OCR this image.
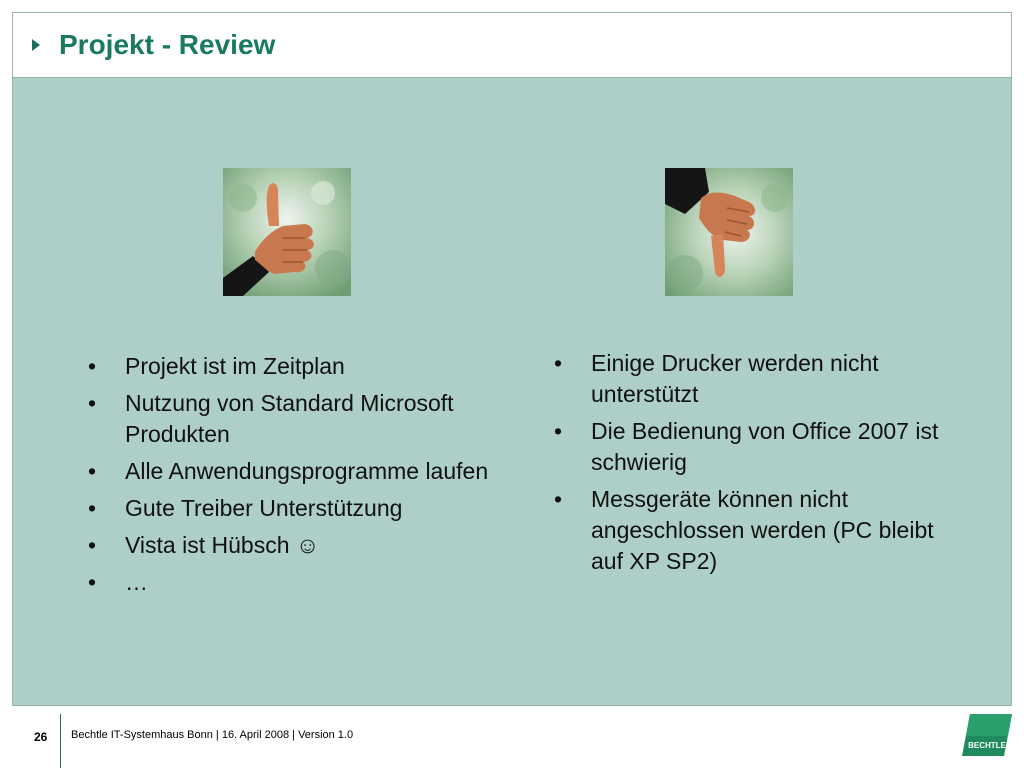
Projekt - Review
•	Projekt ist im Zeitplan
•	Nutzung von Standard Microsoft Produkten
•	Alle Anwendungsprogramme laufen
•	Gute Treiber Unterstützung
•	Vista ist Hübsch ☺
•	…
•	Einige Drucker werden nicht unterstützt
•	Die Bedienung von Office 2007 ist schwierig
•	Messgeräte können nicht angeschlossen werden (PC bleibt auf XP SP2)
26 Bechtle IT-Systemhaus Bonn | 16. April 2008 | Version 1.0
BECHTLE
